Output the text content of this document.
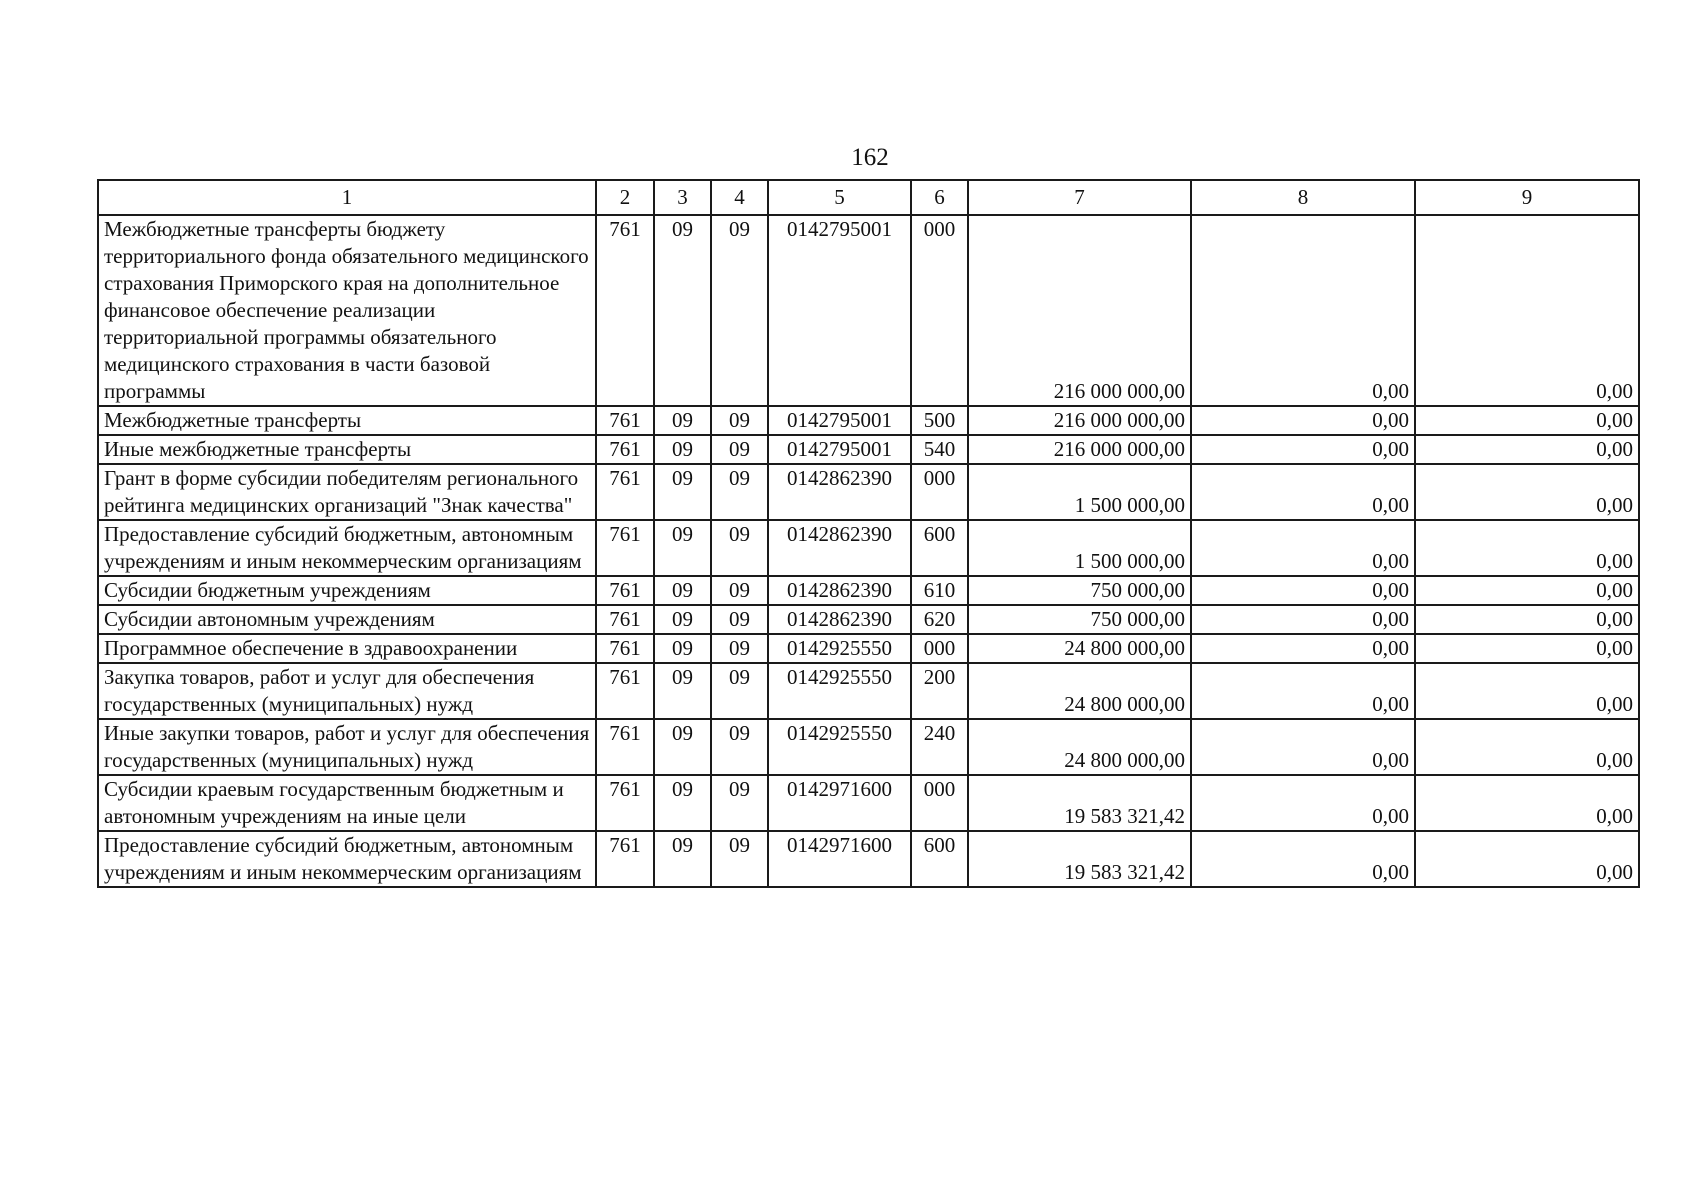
162
1	2	3	4	5	6	7	8	9
Межбюджетные трансферты бюджету территориального фонда обязательного медицинского страхования Приморского края на дополнительное финансовое обеспечение реализации территориальной программы обязательного медицинского страхования в части базовой программы	761	09	09	0142795001	000	216 000 000,00	0,00	0,00
Межбюджетные трансферты	761	09	09	0142795001	500	216 000 000,00	0,00	0,00
Иные межбюджетные трансферты	761	09	09	0142795001	540	216 000 000,00	0,00	0,00
Грант в форме субсидии победителям регионального рейтинга медицинских организаций "Знак качества"	761	09	09	0142862390	000	1 500 000,00	0,00	0,00
Предоставление субсидий бюджетным, автономным учреждениям и иным некоммерческим организациям	761	09	09	0142862390	600	1 500 000,00	0,00	0,00
Субсидии бюджетным учреждениям	761	09	09	0142862390	610	750 000,00	0,00	0,00
Субсидии автономным учреждениям	761	09	09	0142862390	620	750 000,00	0,00	0,00
Программное обеспечение в здравоохранении	761	09	09	0142925550	000	24 800 000,00	0,00	0,00
Закупка товаров, работ и услуг для обеспечения государственных (муниципальных) нужд	761	09	09	0142925550	200	24 800 000,00	0,00	0,00
Иные закупки товаров, работ и услуг для обеспечения государственных (муниципальных) нужд	761	09	09	0142925550	240	24 800 000,00	0,00	0,00
Субсидии краевым государственным бюджетным и автономным учреждениям на иные цели	761	09	09	0142971600	000	19 583 321,42	0,00	0,00
Предоставление субсидий бюджетным, автономным учреждениям и иным некоммерческим организациям	761	09	09	0142971600	600	19 583 321,42	0,00	0,00
